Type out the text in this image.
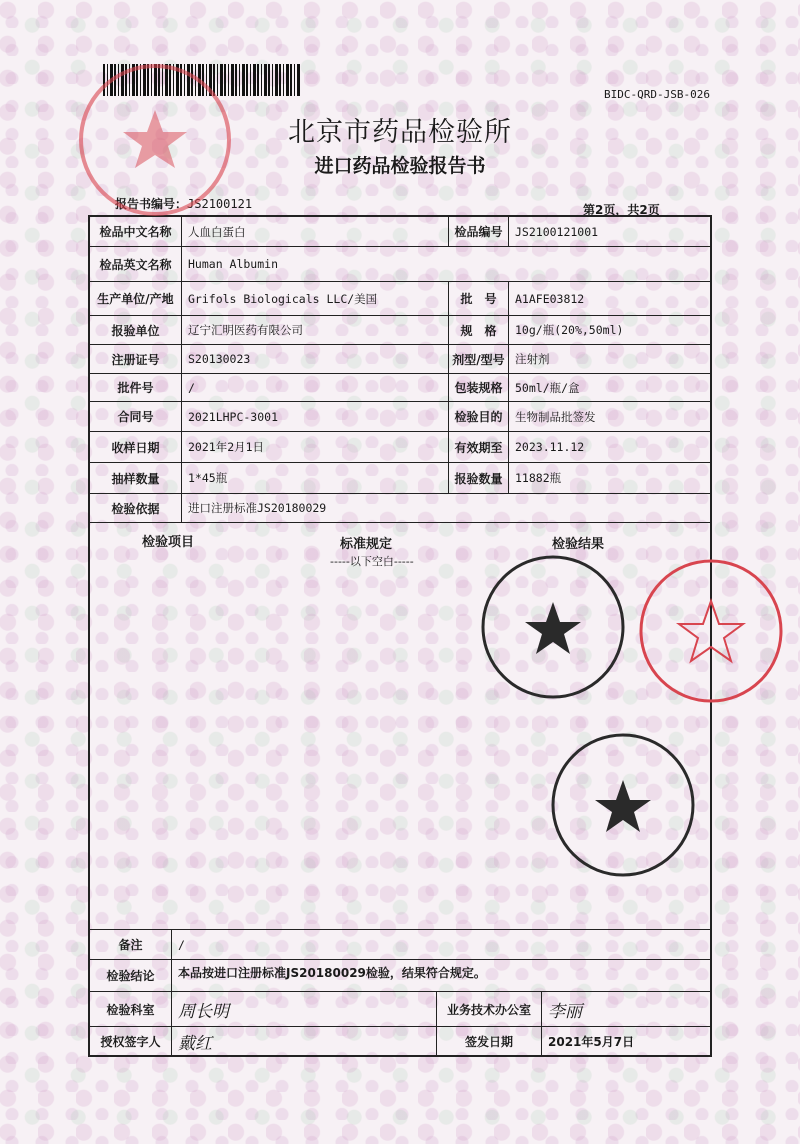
BIDC-QRD-JSB-026
北京市药品检验所
进口药品检验报告书
报告书编号：JS2100121	第2页，共2页
检品中文名称	人血白蛋白	检品编号	JS2100121001
检品英文名称	Human Albumin
生产单位/产地	Grifols Biologicals LLC/美国	批　号	A1AFE03812
报验单位	辽宁汇明医药有限公司	规　格	10g/瓶(20%,50ml)
注册证号	S20130023	剂型/型号 注射剂
批件号	/	包装规格	50ml/瓶/盒
合同号	2021LHPC-3001	检验目的	生物制品批签发
收样日期	2021年2月1日	有效期至	2023.11.12
抽样数量	1*45瓶	报验数量	11882瓶
检验依据	进口注册标准JS20180029
检验项目	标准规定	检验结果
-----以下空白-----
备注	/
检验结论	本品按进口注册标准JS20180029检验，结果符合规定。
检验科室	周长明	业务技术办公室	李丽
授权签字人	戴红	签发日期	2021年5月7日
